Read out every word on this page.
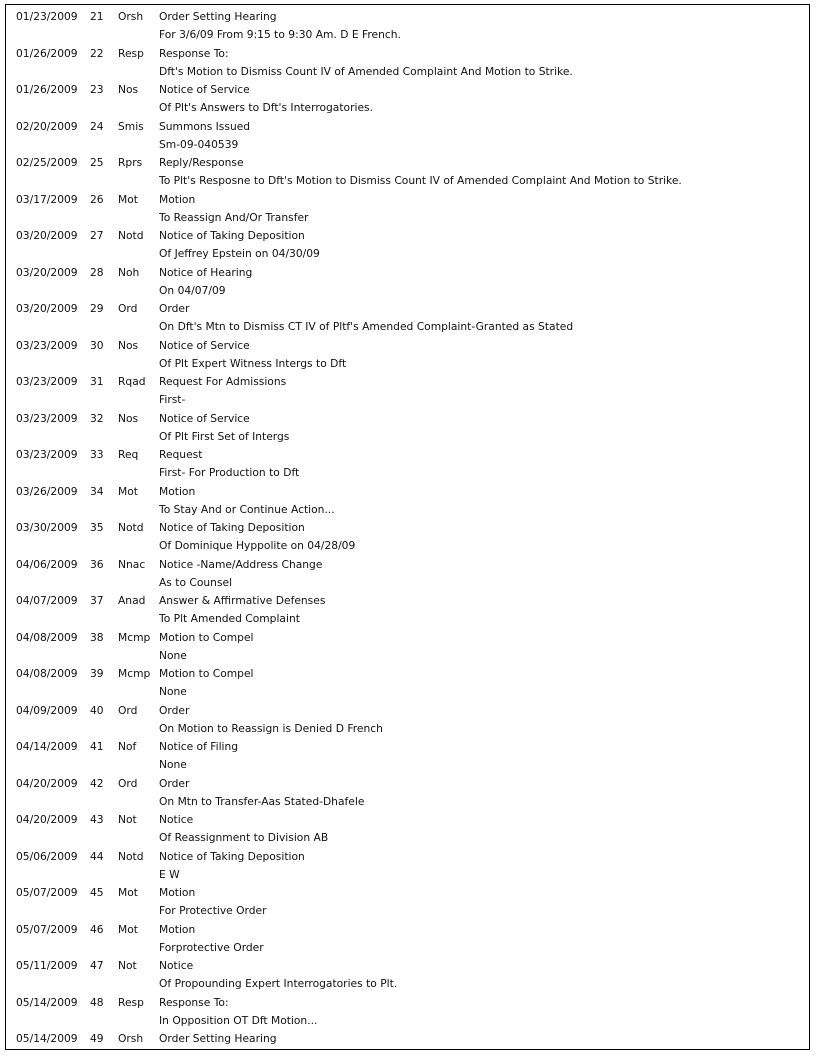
01/23/2009 21 Orsh Order Setting Hearing
For 3/6/09 From 9:15 to 9:30 Am. D E French.
01/26/2009 22 Resp Response To:
Dft's Motion to Dismiss Count IV of Amended Complaint And Motion to Strike.
01/26/2009 23 Nos Notice of Service
Of Plt's Answers to Dft's Interrogatories.
02/20/2009 24 Smis Summons Issued
Sm-09-040539
02/25/2009 25 Rprs Reply/Response
To Plt's Resposne to Dft's Motion to Dismiss Count IV of Amended Complaint And Motion to Strike.
03/17/2009 26 Mot Motion
To Reassign And/Or Transfer
03/20/2009 27 Notd Notice of Taking Deposition
Of Jeffrey Epstein on 04/30/09
03/20/2009 28 Noh Notice of Hearing
On 04/07/09
03/20/2009 29 Ord Order
On Dft's Mtn to Dismiss CT IV of Pltf's Amended Complaint-Granted as Stated
03/23/2009 30 Nos Notice of Service
Of Plt Expert Witness Intergs to Dft
03/23/2009 31 Rqad Request For Admissions
First-
03/23/2009 32 Nos Notice of Service
Of Plt First Set of Intergs
03/23/2009 33 Req Request
First- For Production to Dft
03/26/2009 34 Mot Motion
To Stay And or Continue Action...
03/30/2009 35 Notd Notice of Taking Deposition
Of Dominique Hyppolite on 04/28/09
04/06/2009 36 Nnac Notice -Name/Address Change
As to Counsel
04/07/2009 37 Anad Answer & Affirmative Defenses
To Plt Amended Complaint
04/08/2009 38 Mcmp Motion to Compel
None
04/08/2009 39 Mcmp Motion to Compel
None
04/09/2009 40 Ord Order
On Motion to Reassign is Denied D French
04/14/2009 41 Nof Notice of Filing
None
04/20/2009 42 Ord Order
On Mtn to Transfer-Aas Stated-Dhafele
04/20/2009 43 Not Notice
Of Reassignment to Division AB
05/06/2009 44 Notd Notice of Taking Deposition
E W
05/07/2009 45 Mot Motion
For Protective Order
05/07/2009 46 Mot Motion
Forprotective Order
05/11/2009 47 Not Notice
Of Propounding Expert Interrogatories to Plt.
05/14/2009 48 Resp Response To:
In Opposition OT Dft Motion...
05/14/2009 49 Orsh Order Setting Hearing
